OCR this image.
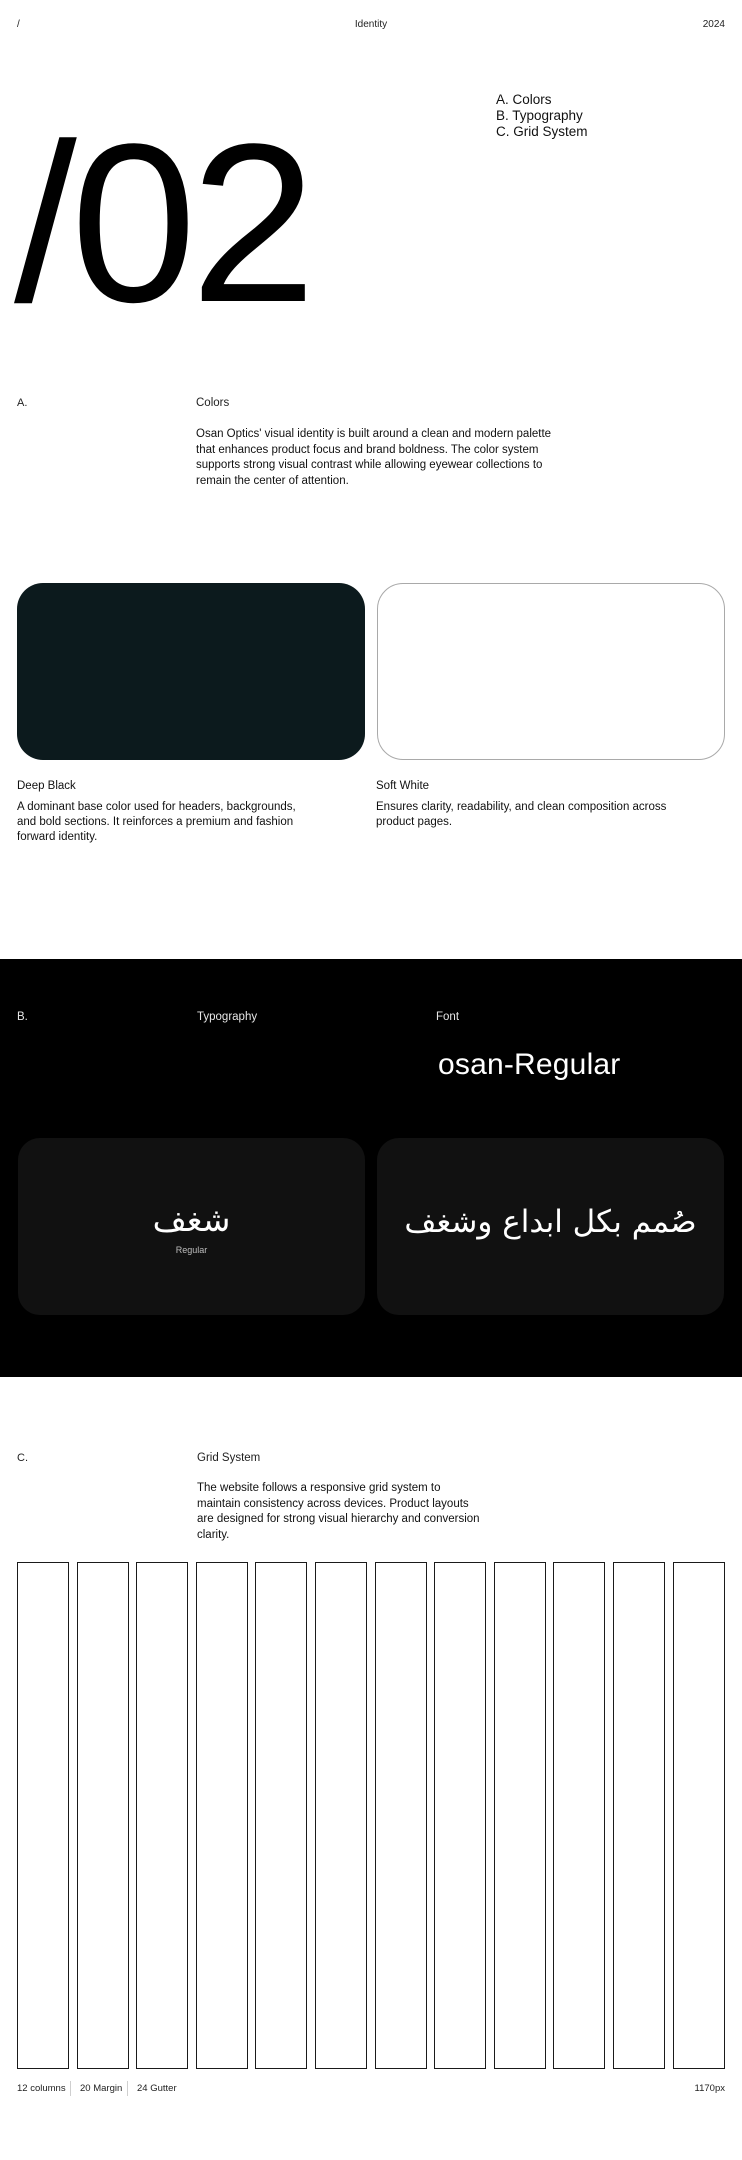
/	Identity	2024
/02	A. Colors
B. Typography
C. Grid System
A.	Colors
Osan Optics' visual identity is built around a clean and modern palette that enhances product focus and brand boldness. The color system supports strong visual contrast while allowing eyewear collections to remain the center of attention.
Deep Black
A dominant base color used for headers, backgrounds, and bold sections. It reinforces a premium and fashion forward identity.
Soft White
Ensures clarity, readability, and clean composition across product pages.
B.	Typography	Font
osan-Regular
شغف
Regular
صُمم بكل ابداع وشغف
C.	Grid System
The website follows a responsive grid system to maintain consistency across devices. Product layouts are designed for strong visual hierarchy and conversion clarity.
12 columns 20 Margin 24 Gutter	1170px
